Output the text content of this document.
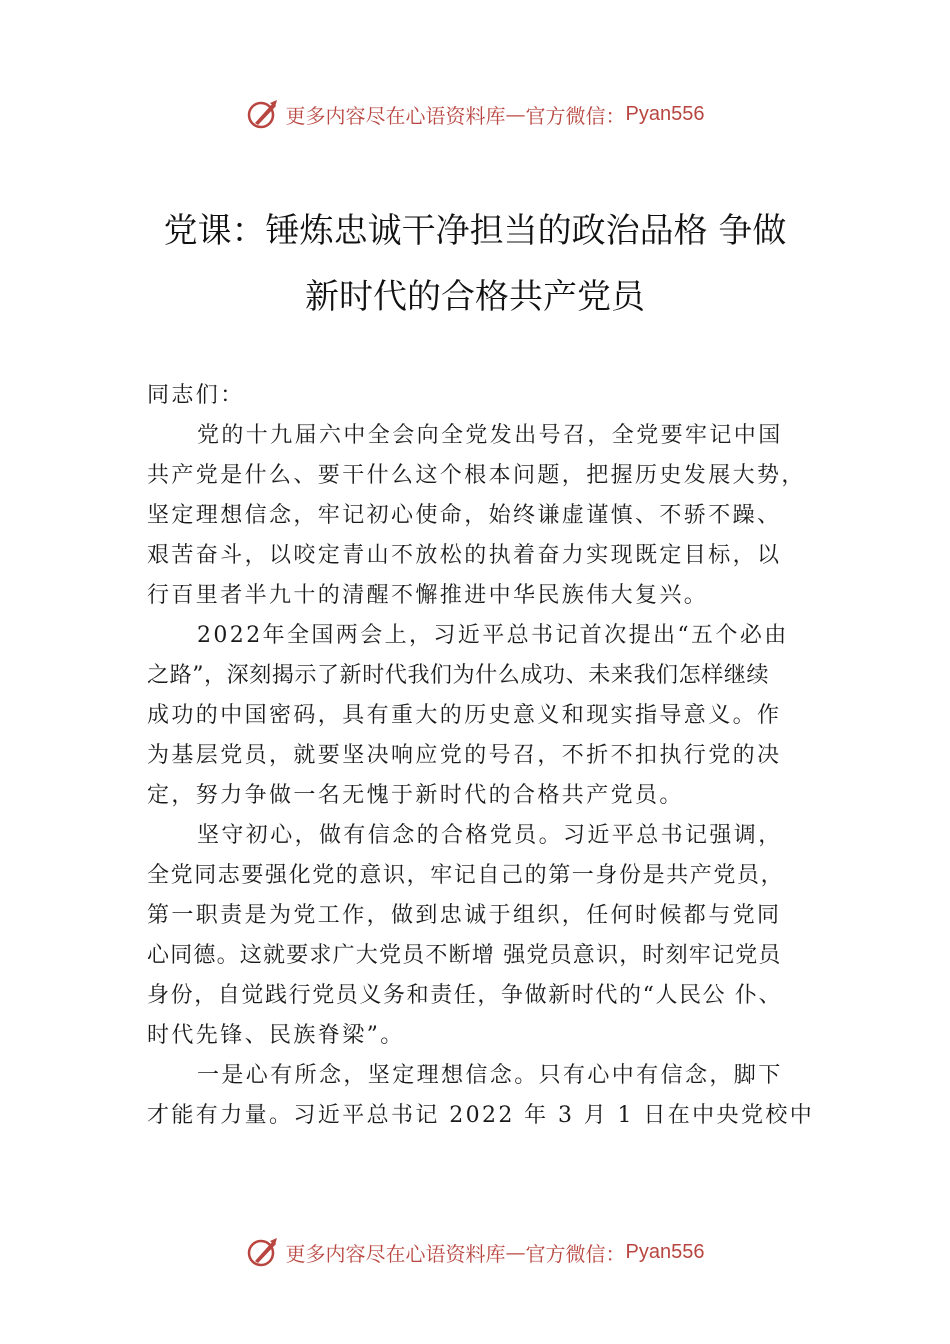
更多内容尽在心语资料库 — 官方微信： Pyan556
党课：锤炼忠诚干净担当的政治品格 争做
新时代的合格共产党员
同志们：
党的十九届六中全会向全党发出号召，全党要牢记中国
共产党是什么、要干什么这个根本问题，把握历史发展大势，
坚定理想信念，牢记初心使命，始终谦虚谨慎、不骄不躁、
艰苦奋斗，以咬定青山不放松的执着奋力实现既定目标，以
行百里者半九十的清醒不懈推进中华民族伟大复兴。
2022年全国两会上，习近平总书记首次提出“五个必由
之路”，深刻揭示了新时代我们为什么成功、未来我们怎样继续
成功的中国密码，具有重大的历史意义和现实指导意义。作
为基层党员，就要坚决响应党的号召，不折不扣执行党的决
定，努力争做一名无愧于新时代的合格共产党员。
坚守初心，做有信念的合格党员。习近平总书记强调，
全党同志要强化党的意识，牢记自己的第一身份是共产党员，
第一职责是为党工作，做到忠诚于组织，任何时候都与党同
心同德。这就要求广大党员不断增 强党员意识，时刻牢记党员
身份，自觉践行党员义务和责任，争做新时代的“人民公 仆、
时代先锋、民族脊梁”。
一是心有所念，坚定理想信念。只有心中有信念，脚下
才能有力量。习近平总书记 2022 年 3 月 1 日在中央党校中
更多内容尽在心语资料库 — 官方微信： Pyan556
